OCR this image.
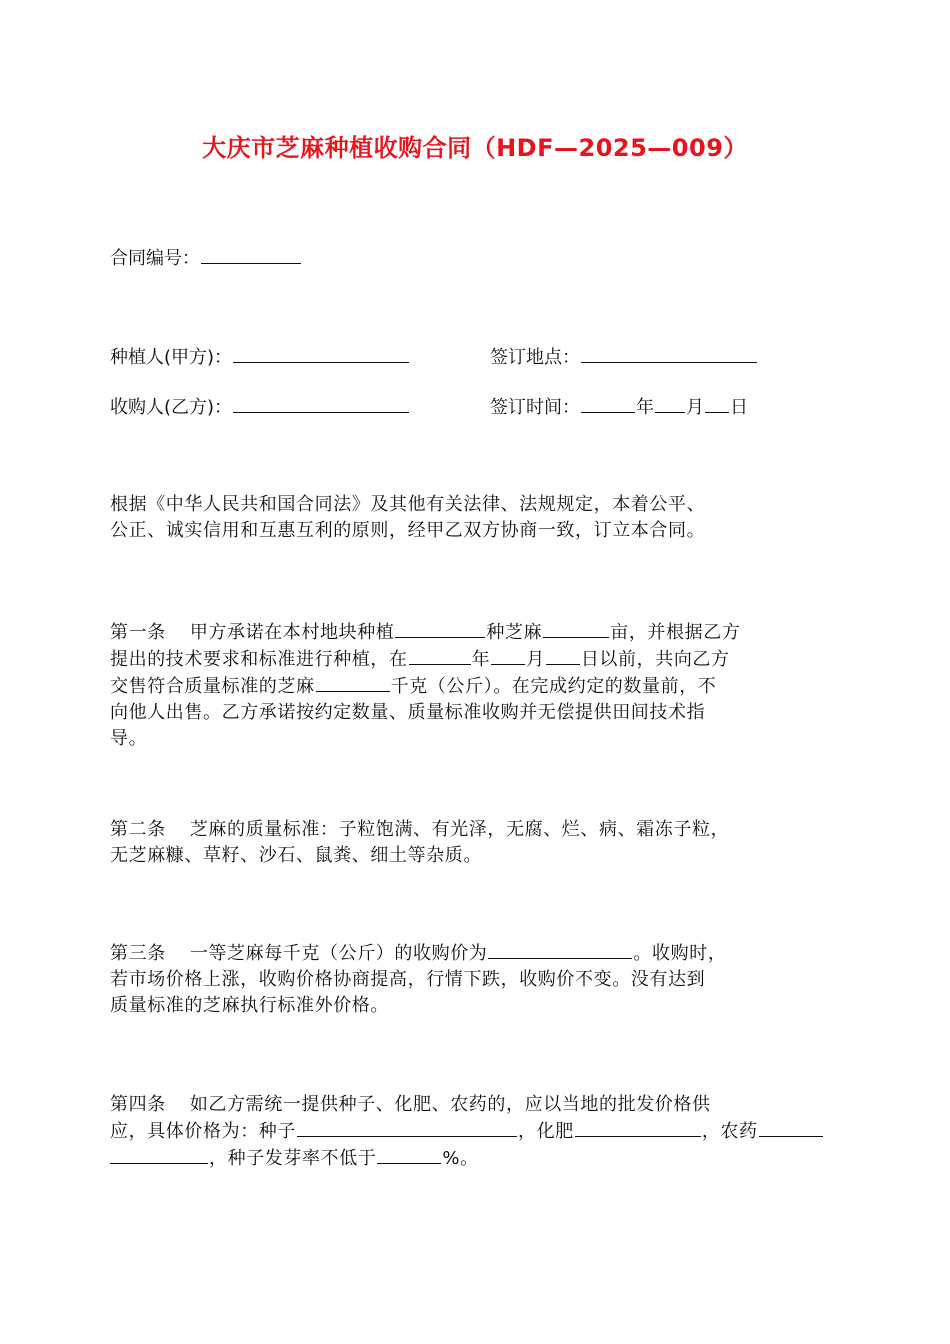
大庆市芝麻种植收购合同（HDF—2025—009）
合同编号：
种植人(甲方)：	签订地点：
收购人(乙方)：	签订时间：	年 月 日
根据《中华人民共和国合同法》及其他有关法律、法规规定，本着公平、
公正、诚实信用和互惠互利的原则，经甲乙双方协商一致，订立本合同。
第一条 甲方承诺在本村地块种植	种芝麻	亩，并根据乙方
提出的技术要求和标准进行种植，在	年 月 日以前，共向乙方
交售符合质量标准的芝麻	千克（公斤）。在完成约定的数量前，不
向他人出售。乙方承诺按约定数量、质量标准收购并无偿提供田间技术指
导。
第二条 芝麻的质量标准：子粒饱满、有光泽，无腐、烂、病、霜冻子粒，
无芝麻糠、草籽、沙石、鼠粪、细土等杂质。
第三条 一等芝麻每千克（公斤）的收购价为	。收购时，
若市场价格上涨，收购价格协商提高，行情下跌，收购价不变。没有达到
质量标准的芝麻执行标准外价格。
第四条 如乙方需统一提供种子、化肥、农药的，应以当地的批发价格供
应，具体价格为：种子	，化肥	，农药
，种子发芽率不低于	%。
